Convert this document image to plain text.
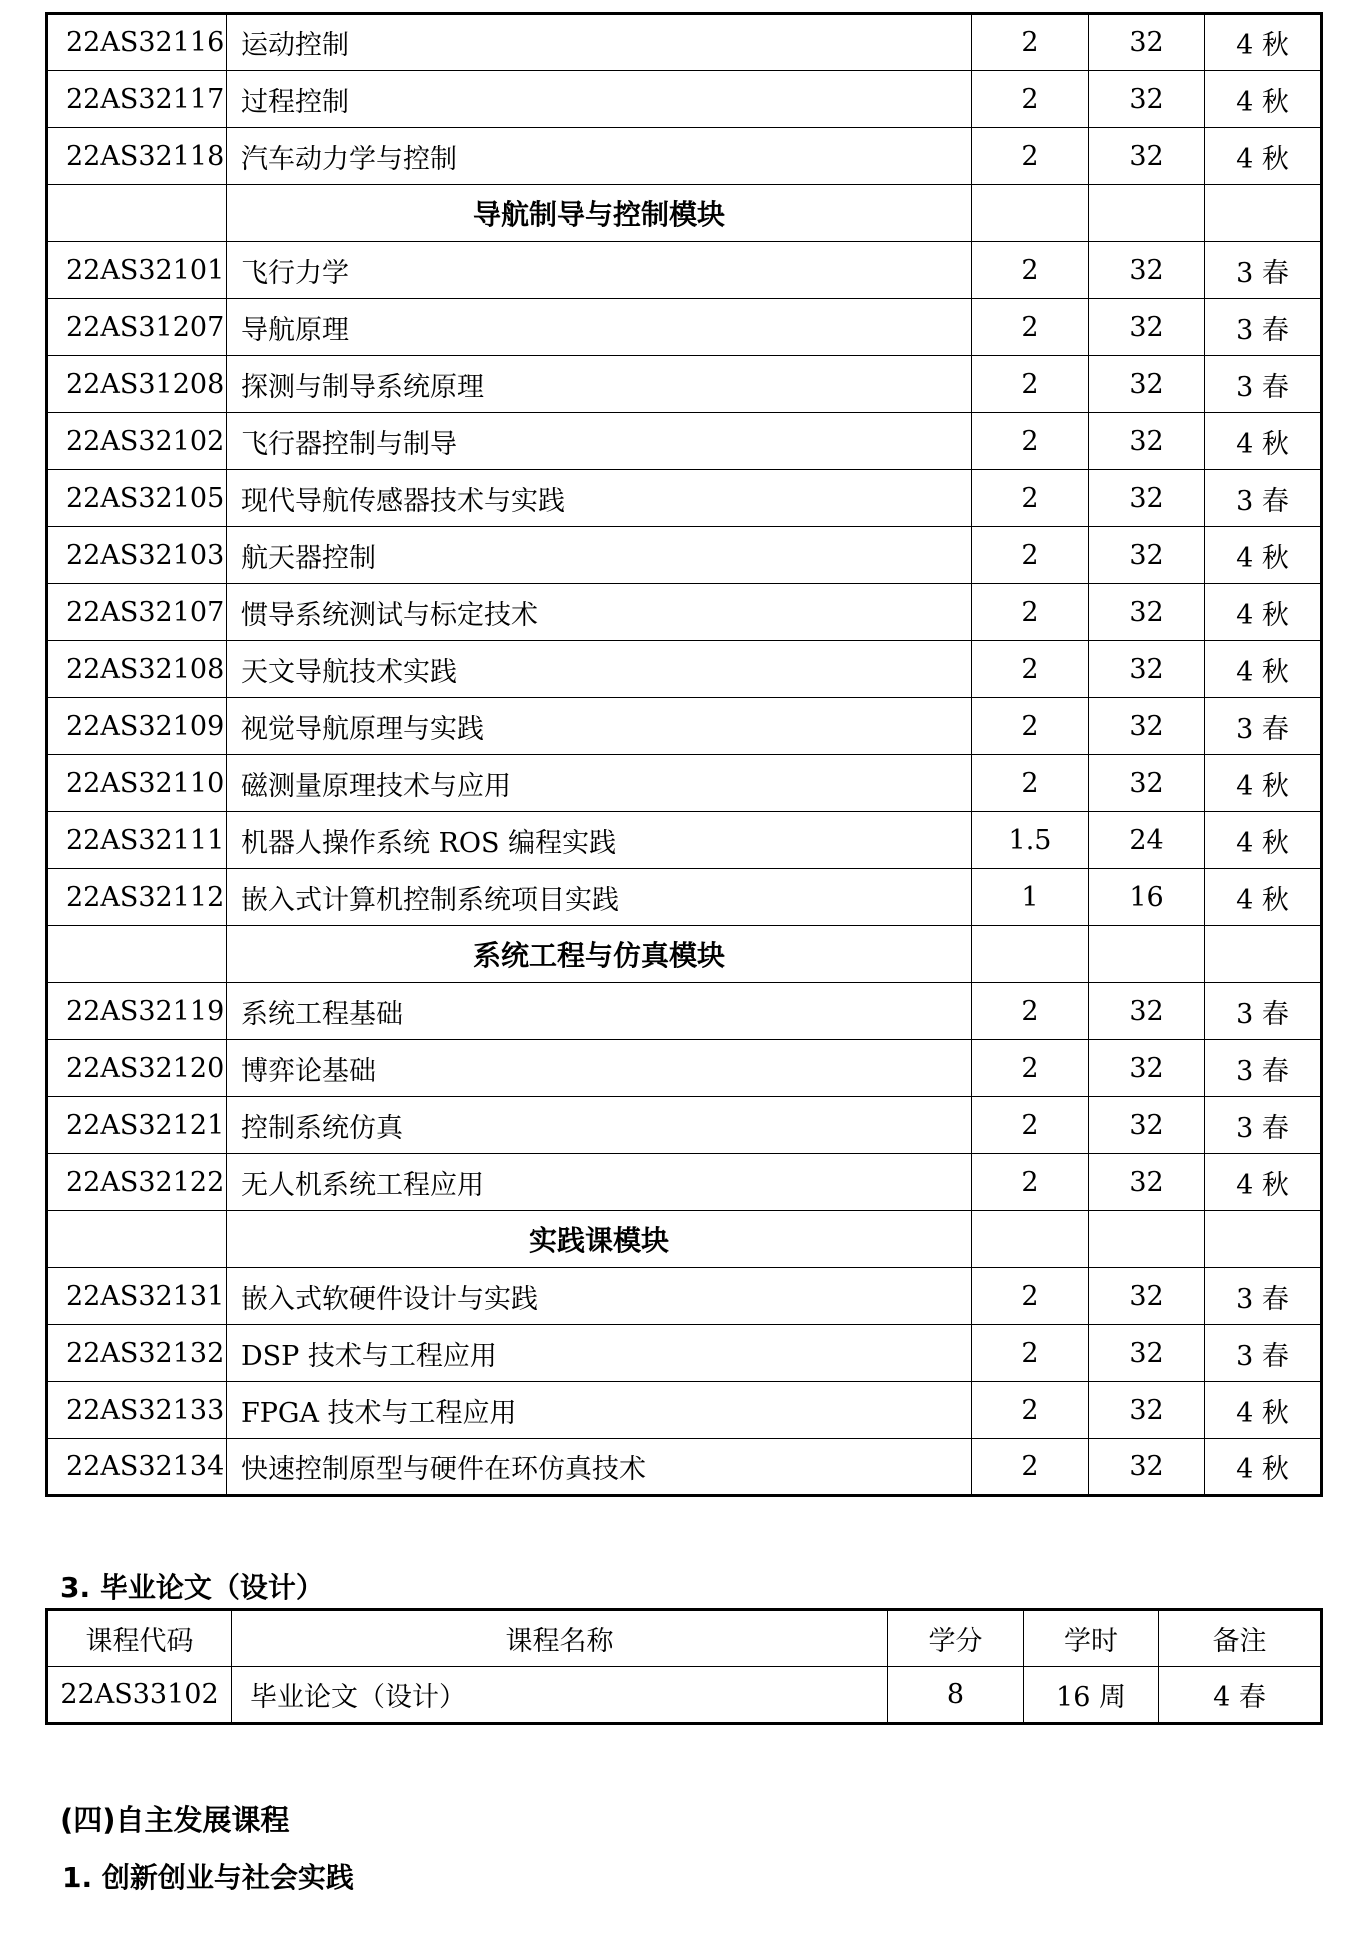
22AS32116	运动控制	2	32	4 秋
22AS32117	过程控制	2	32	4 秋
22AS32118	汽车动力学与控制	2	32	4 秋
	导航制导与控制模块			
22AS32101	飞行力学	2	32	3 春
22AS31207	导航原理	2	32	3 春
22AS31208	探测与制导系统原理	2	32	3 春
22AS32102	飞行器控制与制导	2	32	4 秋
22AS32105	现代导航传感器技术与实践	2	32	3 春
22AS32103	航天器控制	2	32	4 秋
22AS32107	惯导系统测试与标定技术	2	32	4 秋
22AS32108	天文导航技术实践	2	32	4 秋
22AS32109	视觉导航原理与实践	2	32	3 春
22AS32110	磁测量原理技术与应用	2	32	4 秋
22AS32111	机器人操作系统 ROS 编程实践	1.5	24	4 秋
22AS32112	嵌入式计算机控制系统项目实践	1	16	4 秋
	系统工程与仿真模块			
22AS32119	系统工程基础	2	32	3 春
22AS32120	博弈论基础	2	32	3 春
22AS32121	控制系统仿真	2	32	3 春
22AS32122	无人机系统工程应用	2	32	4 秋
	实践课模块			
22AS32131	嵌入式软硬件设计与实践	2	32	3 春
22AS32132	DSP 技术与工程应用	2	32	3 春
22AS32133	FPGA 技术与工程应用	2	32	4 秋
22AS32134	快速控制原型与硬件在环仿真技术	2	32	4 秋
3. 毕业论文（设计）
课程代码	课程名称	学分	学时	备注
22AS33102	毕业论文（设计）	8	16 周	4 春
(四)自主发展课程
1. 创新创业与社会实践
